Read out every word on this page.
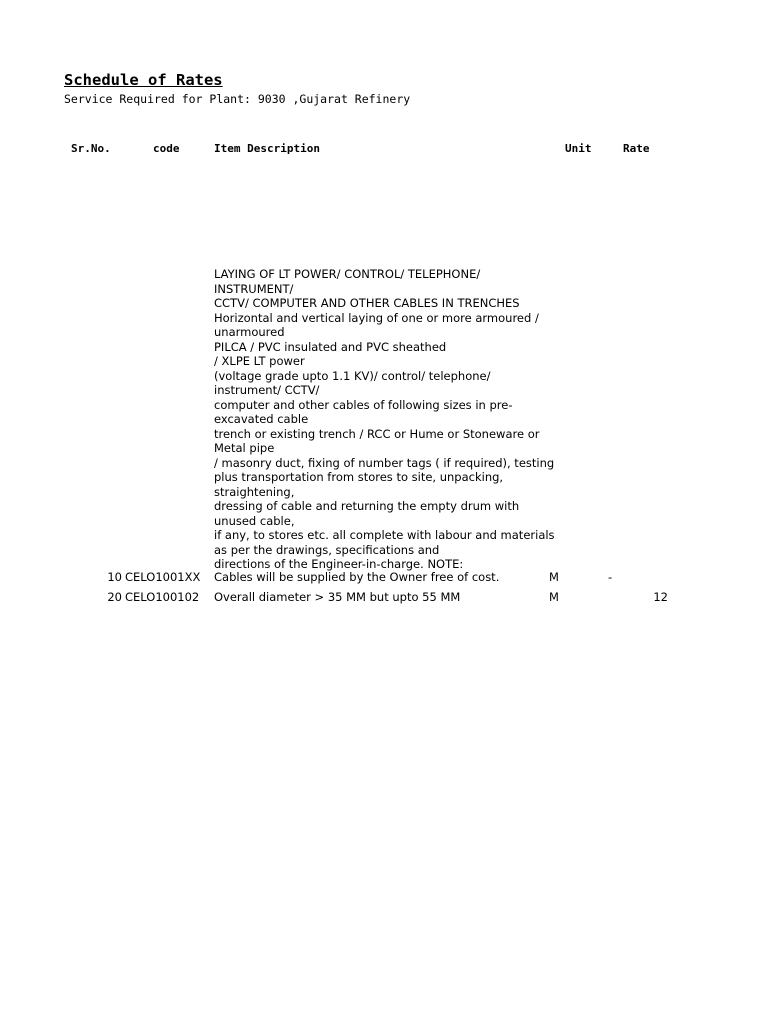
Schedule of Rates
Service Required for Plant: 9030 ,Gujarat Refinery
Sr.No.	code	Item Description	Unit	Rate
LAYING OF LT POWER/ CONTROL/ TELEPHONE/
INSTRUMENT/
CCTV/ COMPUTER AND OTHER CABLES IN TRENCHES
Horizontal and vertical laying of one or more armoured /
unarmoured
PILCA / PVC insulated and PVC sheathed
/ XLPE LT power
(voltage grade upto 1.1 KV)/ control/ telephone/
instrument/ CCTV/
computer and other cables of following sizes in pre-
excavated cable
trench or existing trench / RCC or Hume or Stoneware or
Metal pipe
/ masonry duct, fixing of number tags ( if required), testing
plus transportation from stores to site, unpacking,
straightening,
dressing of cable and returning the empty drum with
unused cable,
if any, to stores etc. all complete with labour and materials
as per the drawings, specifications and
directions of the Engineer-in-charge. NOTE:
10 CELO1001XX Cables will be supplied by the Owner free of cost.	M	-
20 CELO100102 Overall diameter > 35 MM but upto 55 MM	M	12
